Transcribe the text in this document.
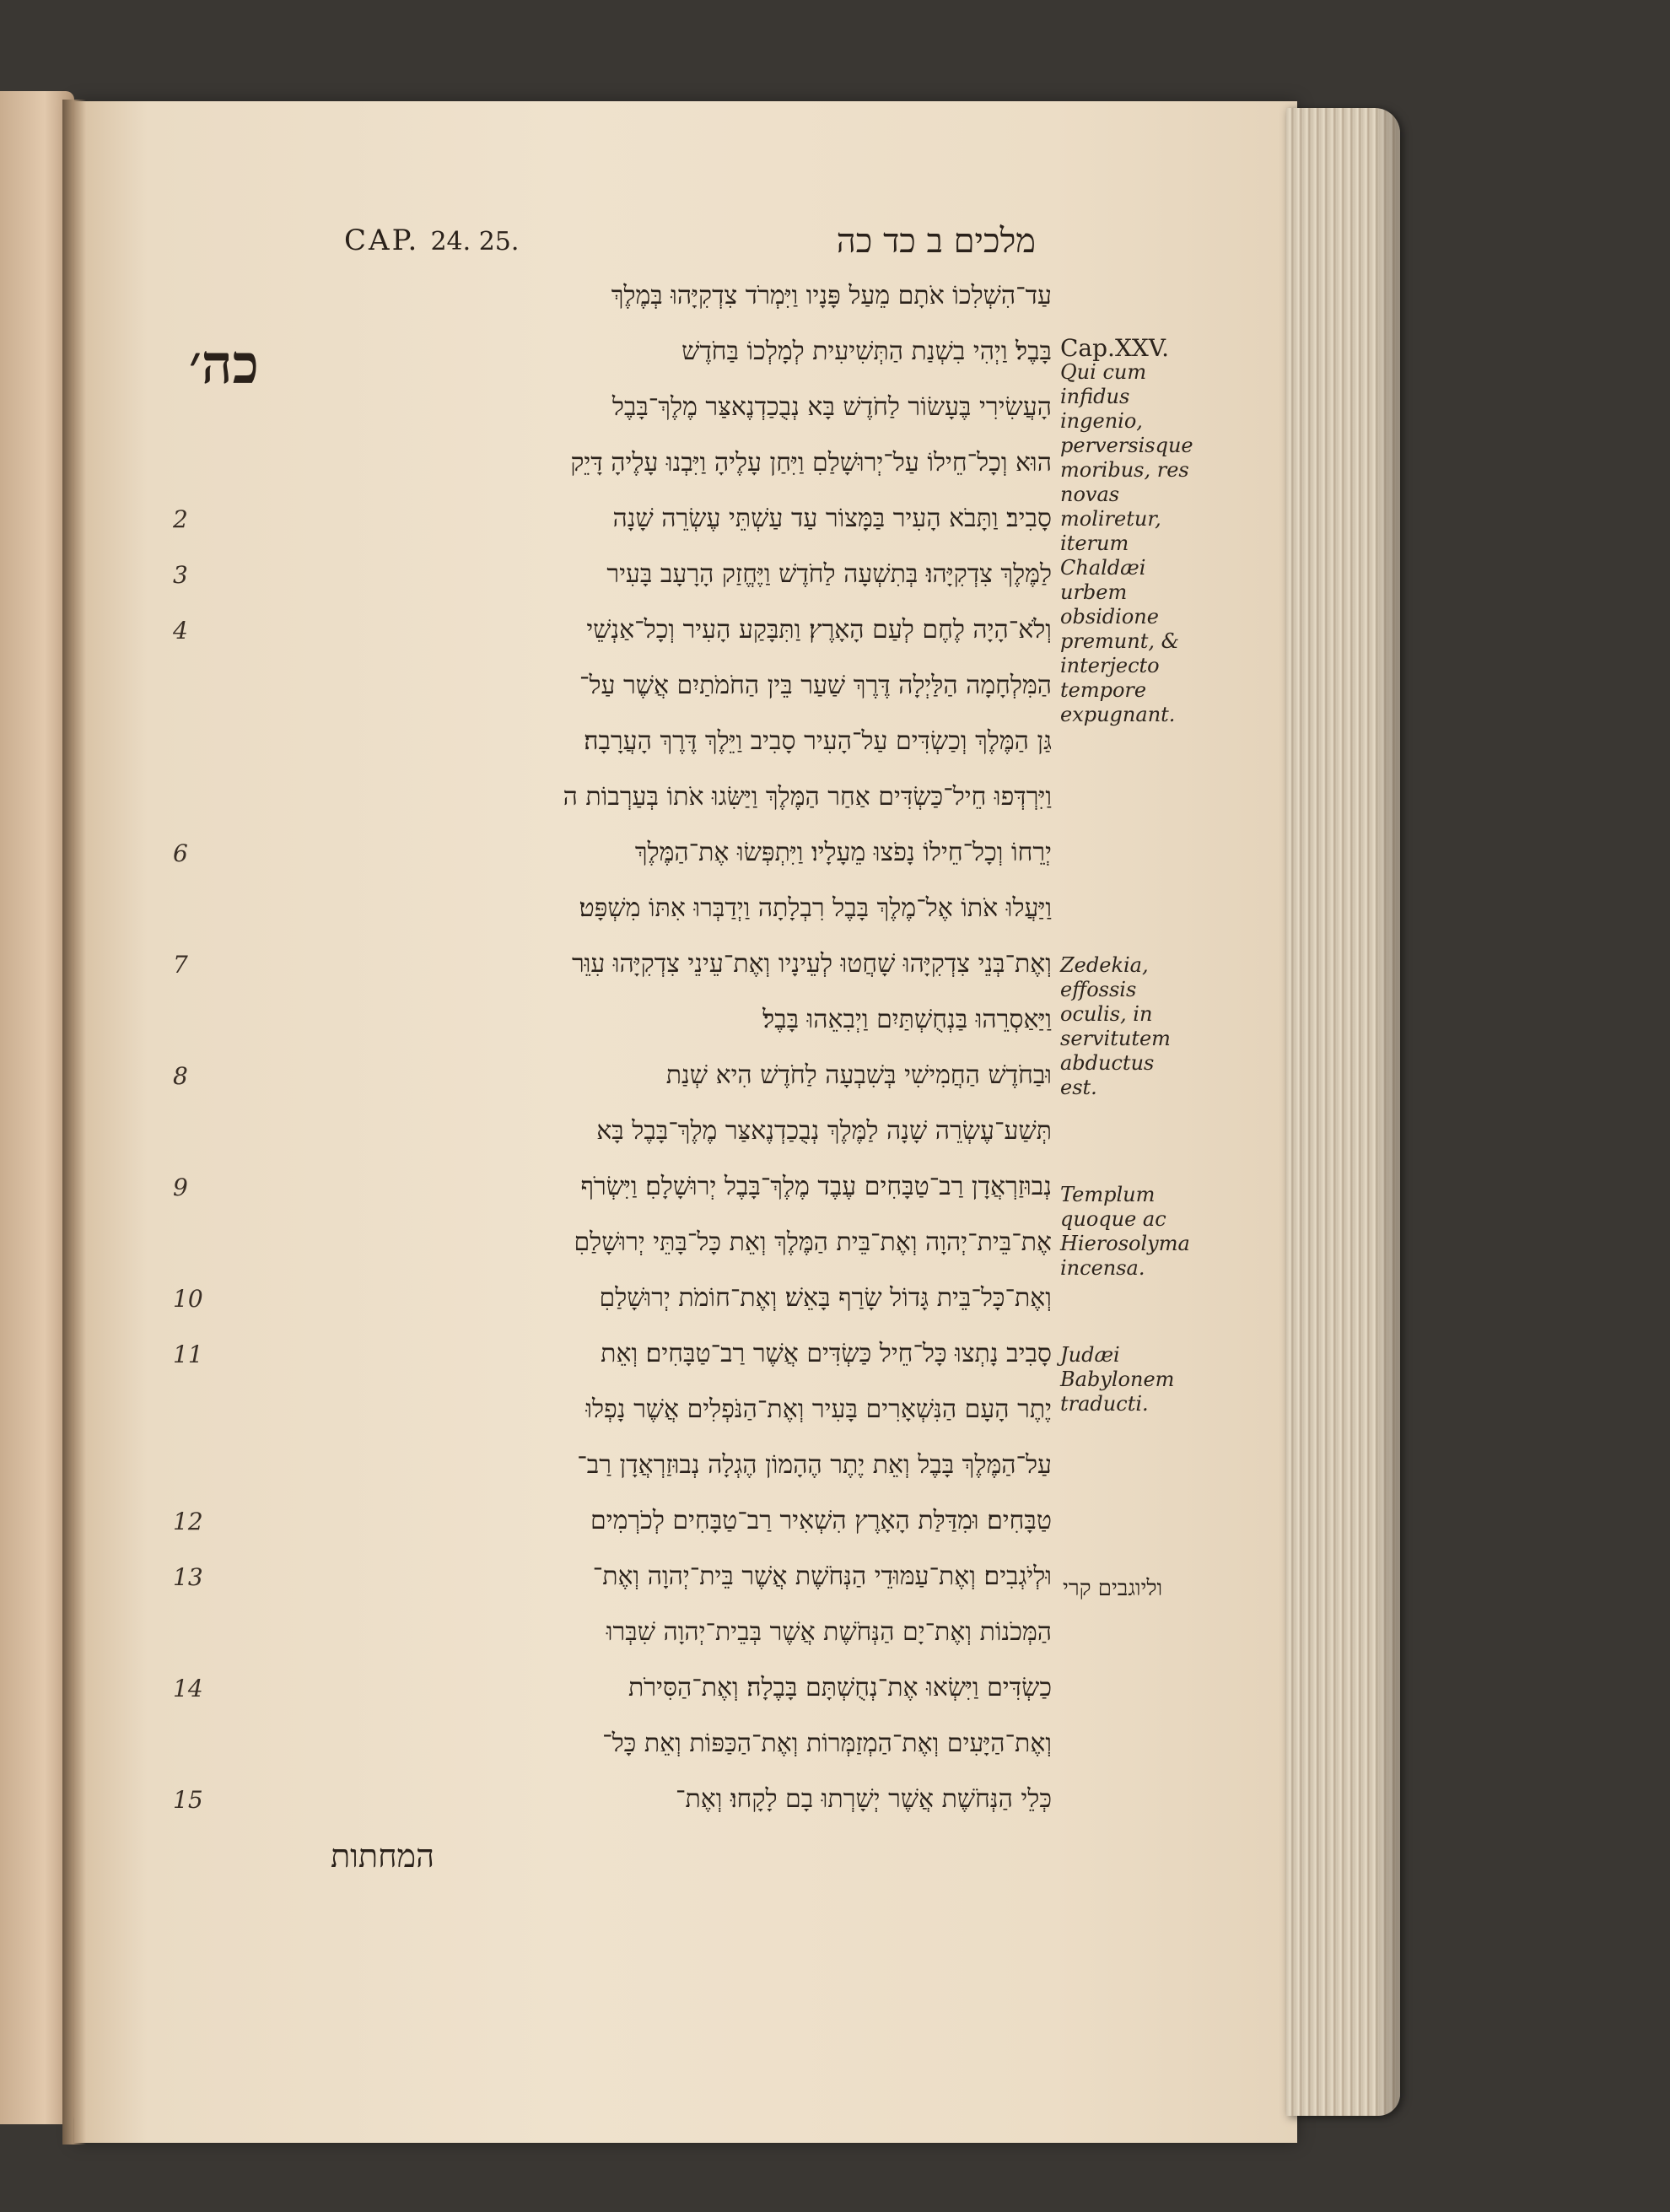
CAP. 24. 25.	מלכים ב כד כה
כה׳
עַד־הִשְׁלִכוֹ אֹתָם מֵעַל פָּנָיו וַיִּמְרֹד צִדְקִיָּהוּ בְּמֶלֶךְ
בָּבֶל׃ וַיְהִי בִשְׁנַת הַתְּשִׁיעִית לְמָלְכוֹ בַּחֹדֶשׁ
הָעֲשִׂירִי בֶּעָשׂוֹר לַחֹדֶשׁ בָּא נְבֻכַדְנֶאצַּר מֶלֶךְ־בָּבֶל
הוּא וְכָל־חֵילוֹ עַל־יְרוּשָׁלַםִ וַיִּחַן עָלֶיהָ וַיִּבְנוּ עָלֶיהָ דָּיֵק
2	סָבִיב׃ וַתָּבֹא הָעִיר בַּמָּצוֹר עַד עַשְׁתֵּי עֶשְׂרֵה שָׁנָה
3	לַמֶּלֶךְ צִדְקִיָּהוּ׃ בְּתִשְׁעָה לַחֹדֶשׁ וַיֶּחֱזַק הָרָעָב בָּעִיר
4	וְלֹא־הָיָה לֶחֶם לְעַם הָאָרֶץ׃ וַתִּבָּקַע הָעִיר וְכָל־אַנְשֵׁי
הַמִּלְחָמָה הַלַּיְלָה דֶּרֶךְ שַׁעַר בֵּין הַחֹמֹתַיִם אֲשֶׁר עַל־
גַּן הַמֶּלֶךְ וְכַשְׂדִּים עַל־הָעִיר סָבִיב וַיֵּלֶךְ דֶּרֶךְ הָעֲרָבָה׃
וַיִּרְדְּפוּ חֵיל־כַּשְׂדִּים אַחַר הַמֶּלֶךְ וַיַּשִּׂגוּ אֹתוֹ בְּעַרְבוֹת ה
6	יְרֵחוֹ וְכָל־חֵילוֹ נָפֹצוּ מֵעָלָיו׃ וַיִּתְפְּשׂוּ אֶת־הַמֶּלֶךְ
וַיַּעֲלוּ אֹתוֹ אֶל־מֶלֶךְ בָּבֶל רִבְלָתָה וַיְדַבְּרוּ אִתּוֹ מִשְׁפָּט׃
7	וְאֶת־בְּנֵי צִדְקִיָּהוּ שָׁחֲטוּ לְעֵינָיו וְאֶת־עֵינֵי צִדְקִיָּהוּ עִוֵּר
וַיַּאַסְרֵהוּ בַּנְחֻשְׁתַּיִם וַיְבִאֵהוּ בָּבֶל׃
8	וּבַחֹדֶשׁ הַחֲמִישִׁי בְּשִׁבְעָה לַחֹדֶשׁ הִיא שְׁנַת
תְּשַׁע־עֶשְׂרֵה שָׁנָה לַמֶּלֶךְ נְבֻכַדְנֶאצַּר מֶלֶךְ־בָּבֶל בָּא
9	נְבוּזַרְאֲדָן רַב־טַבָּחִים עֶבֶד מֶלֶךְ־בָּבֶל יְרוּשָׁלָםִ׃ וַיִּשְׂרֹף
אֶת־בֵּית־יְהוָה וְאֶת־בֵּית הַמֶּלֶךְ וְאֵת כָּל־בָּתֵּי יְרוּשָׁלַםִ
10	וְאֶת־כָּל־בֵּית גָּדוֹל שָׂרַף בָּאֵשׁ׃ וְאֶת־חוֹמֹת יְרוּשָׁלַםִ
11	סָבִיב נָתְצוּ כָּל־חֵיל כַּשְׂדִּים אֲשֶׁר רַב־טַבָּחִים׃ וְאֵת
יֶתֶר הָעָם הַנִּשְׁאָרִים בָּעִיר וְאֶת־הַנֹּפְלִים אֲשֶׁר נָפְלוּ
עַל־הַמֶּלֶךְ בָּבֶל וְאֵת יֶתֶר הֶהָמוֹן הֶגְלָה נְבוּזַרְאֲדָן רַב־
12	טַבָּחִים׃ וּמִדַּלַּת הָאָרֶץ הִשְׁאִיר רַב־טַבָּחִים לְכֹרְמִים
13	וּלְיֹגְבִים׃ וְאֶת־עַמּוּדֵי הַנְּחֹשֶׁת אֲשֶׁר בֵּית־יְהוָה וְאֶת־
הַמְּכֹנוֹת וְאֶת־יָם הַנְּחֹשֶׁת אֲשֶׁר בְּבֵית־יְהוָה שִׁבְּרוּ
14	כַשְׂדִּים וַיִּשְׂאוּ אֶת־נְחֻשְׁתָּם בָּבֶלָה׃ וְאֶת־הַסִּירֹת
וְאֶת־הַיָּעִים וְאֶת־הַמְזַמְּרוֹת וְאֶת־הַכַּפּוֹת וְאֵת כָּל־
15	כְּלֵי הַנְּחֹשֶׁת אֲשֶׁר יְשָׁרְתוּ בָם לָקָחוּ׃ וְאֶת־
המחתות
Cap.XXV.
Qui cum infidus ingenio, perversisque moribus, res novas moliretur, iterum Chaldæi urbem obsidione premunt, & interjecto tempore expugnant.
Zedekia, effossis oculis, in servitutem abductus est.
Templum quoque ac Hierosolyma incensa.
Judæi Babylonem traducti.
וליוגבים קרי
